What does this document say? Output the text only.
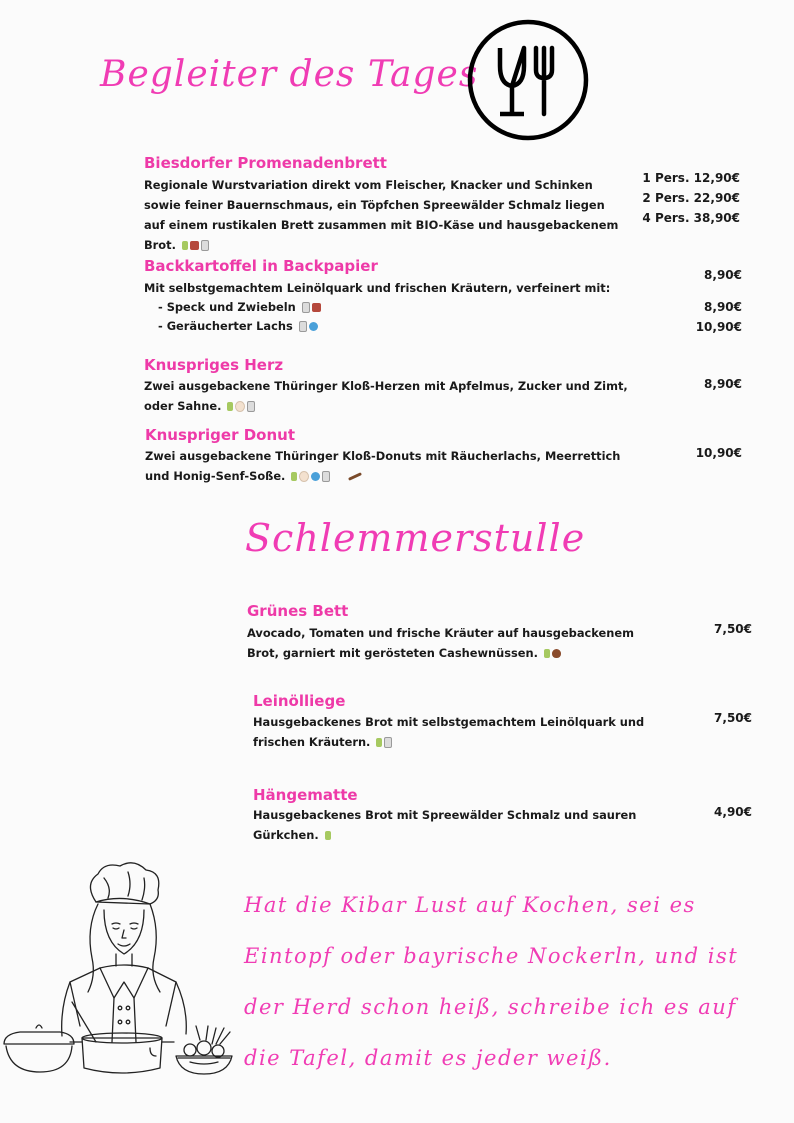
Begleiter des Tages
Biesdorfer Promenadenbrett
Regionale Wurstvariation direkt vom Fleischer, Knacker und Schinken sowie feiner Bauernschmaus, ein Töpfchen Spreewälder Schmalz liegen auf einem rustikalen Brett zusammen mit BIO-Käse und hausgebackenem Brot.
1 Pers. 12,90€
2 Pers. 22,90€
4 Pers. 38,90€
Backkartoffel in Backpapier
Mit selbstgemachtem Leinölquark und frischen Kräutern, verfeinert mit:
8,90€
- Speck und Zwiebeln	8,90€
- Geräucherter Lachs	10,90€
Knuspriges Herz
Zwei ausgebackene Thüringer Kloß-Herzen mit Apfelmus, Zucker und Zimt, oder Sahne.
8,90€
Knuspriger Donut
Zwei ausgebackene Thüringer Kloß-Donuts mit Räucherlachs, Meerrettich und Honig-Senf-Soße.
10,90€
Schlemmerstulle
Grünes Bett
Avocado, Tomaten und frische Kräuter auf hausgebackenem Brot, garniert mit gerösteten Cashewnüssen.
7,50€
Leinölliege
Hausgebackenes Brot mit selbstgemachtem Leinölquark und frischen Kräutern.
7,50€
Hängematte
Hausgebackenes Brot mit Spreewälder Schmalz und sauren Gürkchen.
4,90€
Hat die Kibar Lust auf Kochen, sei es Eintopf oder bayrische Nockerln, und ist der Herd schon heiß, schreibe ich es auf die Tafel, damit es jeder weiß.
